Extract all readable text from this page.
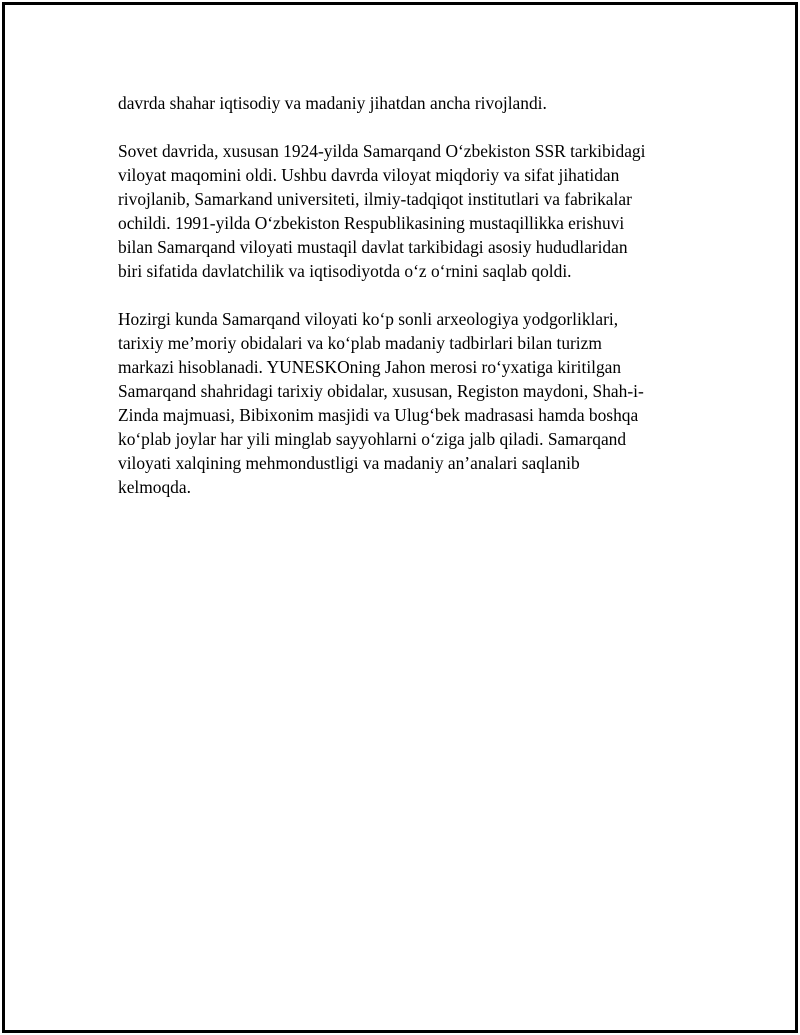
davrda shahar iqtisodiy va madaniy jihatdan ancha rivojlandi.

Sovet davrida, xususan 1924-yilda Samarqand O‘zbekiston SSR tarkibidagi
viloyat maqomini oldi. Ushbu davrda viloyat miqdoriy va sifat jihatidan
rivojlanib, Samarkand universiteti, ilmiy-tadqiqot institutlari va fabrikalar
ochildi. 1991-yilda O‘zbekiston Respublikasining mustaqillikka erishuvi
bilan Samarqand viloyati mustaqil davlat tarkibidagi asosiy hududlaridan
biri sifatida davlatchilik va iqtisodiyotda o‘z o‘rnini saqlab qoldi.

Hozirgi kunda Samarqand viloyati ko‘p sonli arxeologiya yodgorliklari,
tarixiy me’moriy obidalari va ko‘plab madaniy tadbirlari bilan turizm
markazi hisoblanadi. YUNESKOning Jahon merosi ro‘yxatiga kiritilgan
Samarqand shahridagi tarixiy obidalar, xususan, Registon maydoni, Shah-i-
Zinda majmuasi, Bibixonim masjidi va Ulug‘bek madrasasi hamda boshqa
ko‘plab joylar har yili minglab sayyohlarni o‘ziga jalb qiladi. Samarqand
viloyati xalqining mehmondustligi va madaniy an’analari saqlanib
kelmoqda.
